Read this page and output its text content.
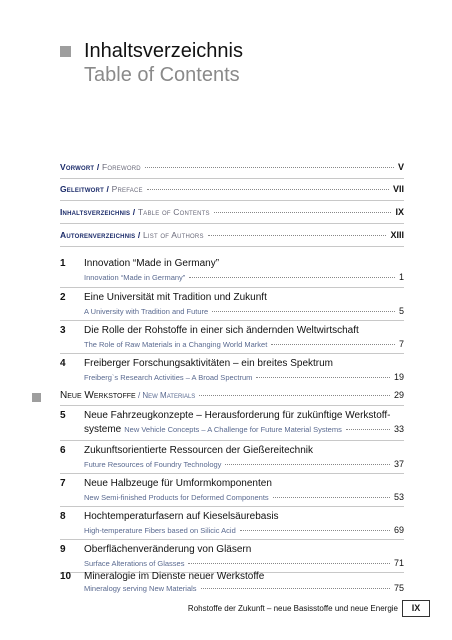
Inhaltsverzeichnis
Table of Contents
Vorwort / Foreword	V
Geleitwort / Preface	VII
Inhaltsverzeichnis / Table of Contents	IX
Autorenverzeichnis / List of Authors	XIII
1 Innovation “Made in Germany”
Innovation “Made in Germany”	1
2 Eine Universität mit Tradition und Zukunft
A University with Tradition and Future	5
3 Die Rolle der Rohstoffe in einer sich ändernden Weltwirtschaft
The Role of Raw Materials in a Changing World Market	7
4 Freiberger Forschungsaktivitäten – ein breites Spektrum
Freiberg`s Research Activities – A Broad Spectrum	19
Neue Werkstoffe / New Materials	29
5 Neue Fahrzeugkonzepte – Herausforderung für zukünftige Werkstoff-
systeme New Vehicle Concepts – A Challenge for Future Material Systems	33
6 Zukunftsorientierte Ressourcen der Gießereitechnik
Future Resources of Foundry Technology	37
7 Neue Halbzeuge für Umformkomponenten
New Semi-finished Products for Deformed Components	53
8 Hochtemperaturfasern auf Kieselsäurebasis
High-temperature Fibers based on Silicic Acid	69
9 Oberflächenveränderung von Gläsern
Surface Alterations of Glasses	71
10 Mineralogie im Dienste neuer Werkstoffe
Mineralogy serving New Materials	75
Rohstoffe der Zukunft – neue Basisstoffe und neue Energie	IX
